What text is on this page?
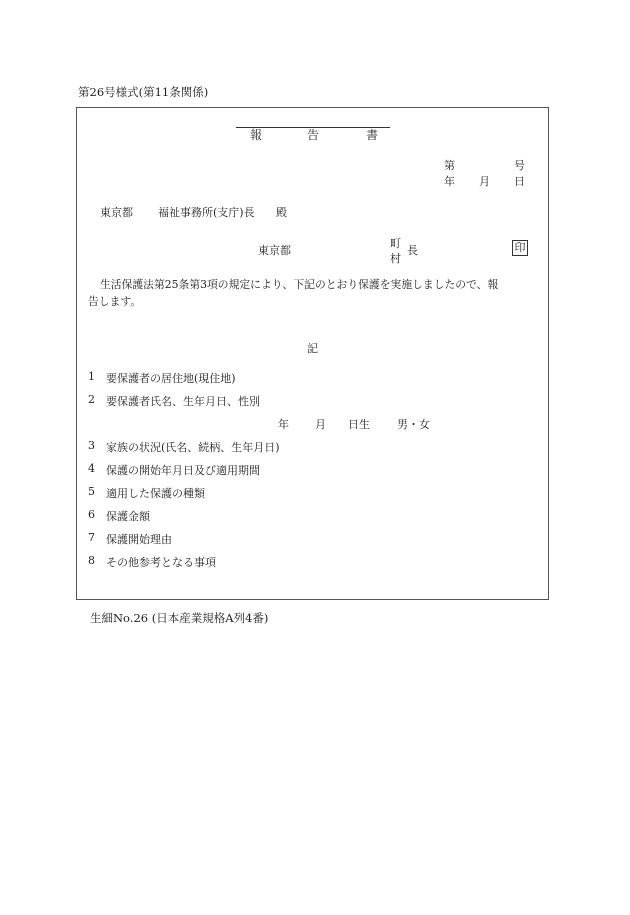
第26号様式(第11条関係)
報	告	書
第	号
年 月 日
東京都 福祉事務所(支庁)長 殿
東京都
町
村
長	印
生活保護法第25条第3項の規定により、下記のとおり保護を実施しましたので、報
告します。
記
1 要保護者の居住地(現住地)
2 要保護者氏名、生年月日、性別
年 月 日生 男・女
3 家族の状況(氏名、続柄、生年月日)
4 保護の開始年月日及び適用期間
5 適用した保護の種類
6 保護金額
7 保護開始理由
8 その他参考となる事項
生細No.26 (日本産業規格A列4番)
